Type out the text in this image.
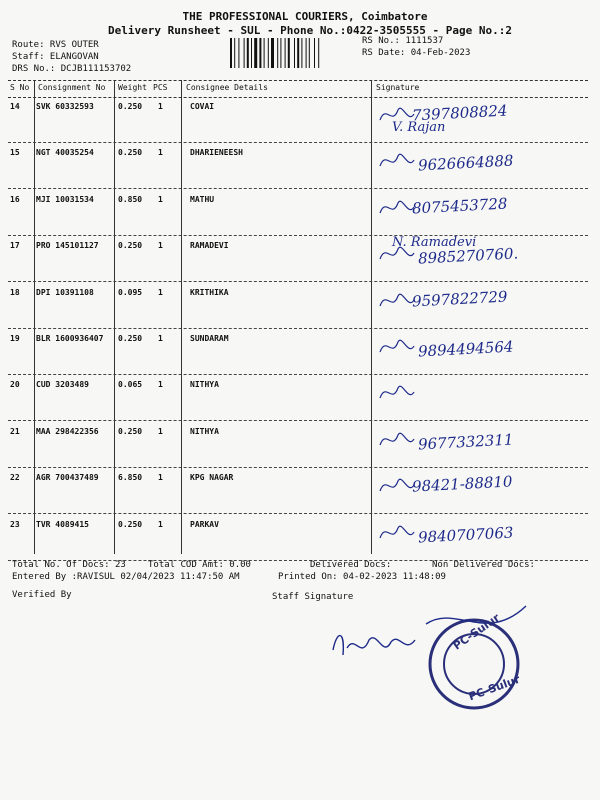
THE PROFESSIONAL COURIERS, Coimbatore
Delivery Runsheet - SUL - Phone No.:0422-3505555 - Page No.:2
Route: RVS OUTER
Staff: ELANGOVAN
DRS No.: DCJB111153702
RS No.: 1111537
RS Date: 04-Feb-2023
S No Consignment No Weight PCS Consignee Details	Signature
14 SVK 60332593	0.250 1	COVAI	7397808824
V. Rajan
15 NGT 40035254	0.250 1	DHARIENEESH	9626664888
16 MJI 10031534	0.850 1	MATHU	8075453728
17 PRO 145101127 0.250 1	RAMADEVI	8985270760.
N. Ramadevi
18 DPI 10391108	0.095 1	KRITHIKA	9597822729
19 BLR 1600936407 0.250 1	SUNDARAM	9894494564
20 CUD 3203489	0.065 1	NITHYA
21 MAA 298422356 0.250 1	NITHYA	9677332311
22 AGR 700437489 6.850 1	KPG NAGAR	98421-88810
23 TVR 4089415	0.250 1	PARKAV	9840707063
Total No. Of Docs: 23 Total COD Amt: 0.00	Delivered Docs:	Non Delivered Docs:
Entered By :RAVISUL 02/04/2023 11:47:50 AM	Printed On: 04-02-2023 11:48:09
Verified By	Staff Signature
PC-Sulur
PC-Sulur
